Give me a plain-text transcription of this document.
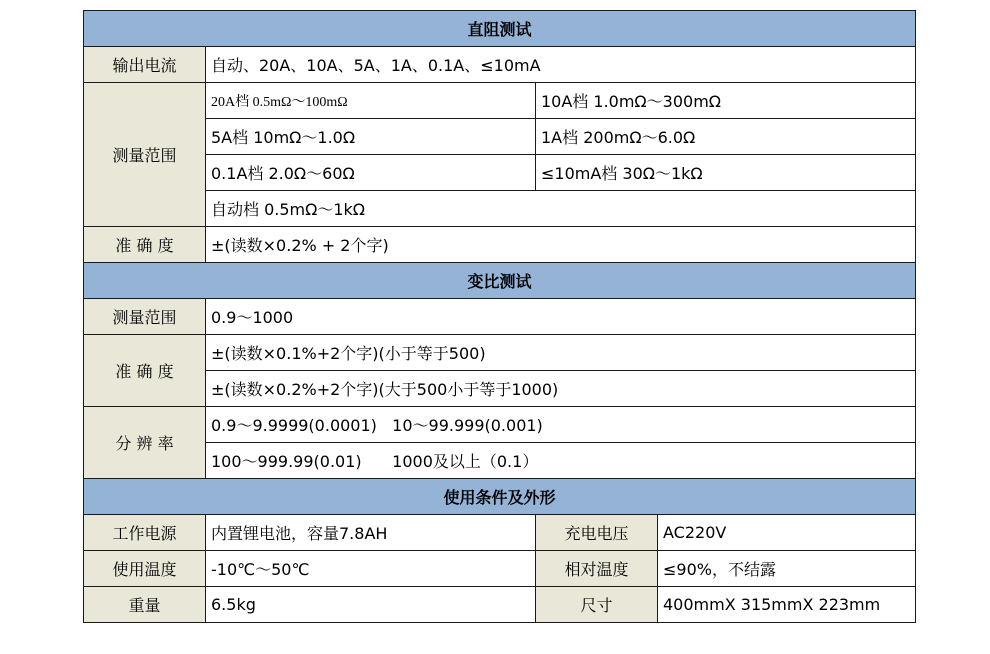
直阻测试			
输出电流	自动、20A、10A、5A、1A、0.1A、≤10mA		
测量范围	20A档 0.5mΩ～100mΩ	10A档 1.0mΩ～300mΩ	
	5A档 10mΩ～1.0Ω	1A档 200mΩ～6.0Ω	
	0.1A档 2.0Ω～60Ω	≤10mA档 30Ω～1kΩ	
	自动档 0.5mΩ～1kΩ		
准 确 度	±(读数×0.2% + 2个字)		
变比测试			
测量范围	0.9～1000		
准 确 度	±(读数×0.1%+2个字)(小于等于500)		
	±(读数×0.2%+2个字)(大于500小于等于1000)		
分 辨 率	0.9～9.9999(0.0001)   10～99.999(0.001)		
	100～999.99(0.01)      1000及以上（0.1）		
使用条件及外形			
工作电源	内置锂电池，容量7.8AH	充电电压	AC220V
使用温度	-10℃～50℃	相对温度	≤90%，不结露
重量	6.5kg	尺寸	400mmX 315mmX 223mm
